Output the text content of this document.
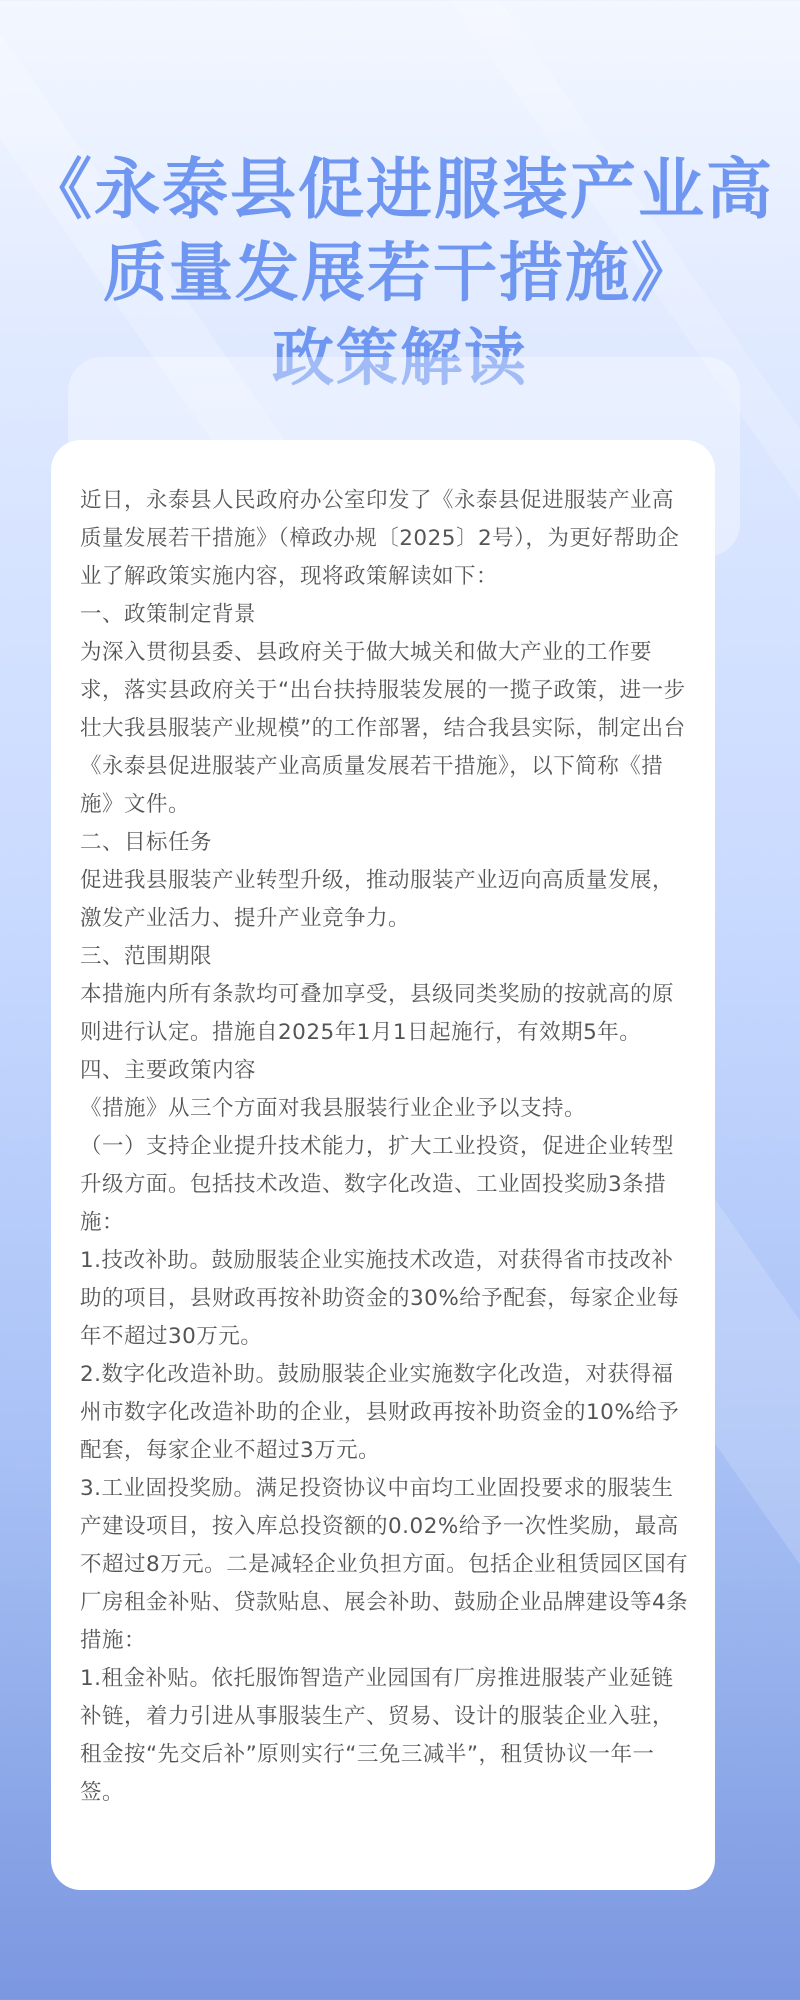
《永泰县促进服装产业高
质量发展若干措施》
政策解读

近日，永泰县人民政府办公室印发了《永泰县促进服装产业高质量发展若干措施》（樟政办规〔2025〕2号），为更好帮助企业了解政策实施内容，现将政策解读如下：

一、政策制定背景

为深入贯彻县委、县政府关于做大城关和做大产业的工作要求，落实县政府关于“出台扶持服装发展的一揽子政策，进一步壮大我县服装产业规模”的工作部署，结合我县实际，制定出台《永泰县促进服装产业高质量发展若干措施》，以下简称《措施》文件。

二、目标任务

促进我县服装产业转型升级，推动服装产业迈向高质量发展，激发产业活力、提升产业竞争力。

三、范围期限

本措施内所有条款均可叠加享受，县级同类奖励的按就高的原则进行认定。措施自2025年1月1日起施行，有效期5年。

四、主要政策内容

《措施》从三个方面对我县服装行业企业予以支持。

（一）支持企业提升技术能力，扩大工业投资，促进企业转型升级方面。包括技术改造、数字化改造、工业固投奖励3条措施：

1.技改补助。鼓励服装企业实施技术改造，对获得省市技改补助的项目，县财政再按补助资金的30%给予配套，每家企业每年不超过30万元。

2.数字化改造补助。鼓励服装企业实施数字化改造，对获得福州市数字化改造补助的企业，县财政再按补助资金的10%给予配套，每家企业不超过3万元。

3.工业固投奖励。满足投资协议中亩均工业固投要求的服装生产建设项目，按入库总投资额的0.02%给予一次性奖励，最高不超过8万元。二是减轻企业负担方面。包括企业租赁园区国有厂房租金补贴、贷款贴息、展会补助、鼓励企业品牌建设等4条措施：

1.租金补贴。依托服饰智造产业园国有厂房推进服装产业延链补链，着力引进从事服装生产、贸易、设计的服装企业入驻，租金按“先交后补”原则实行“三免三减半”，租赁协议一年一签。
